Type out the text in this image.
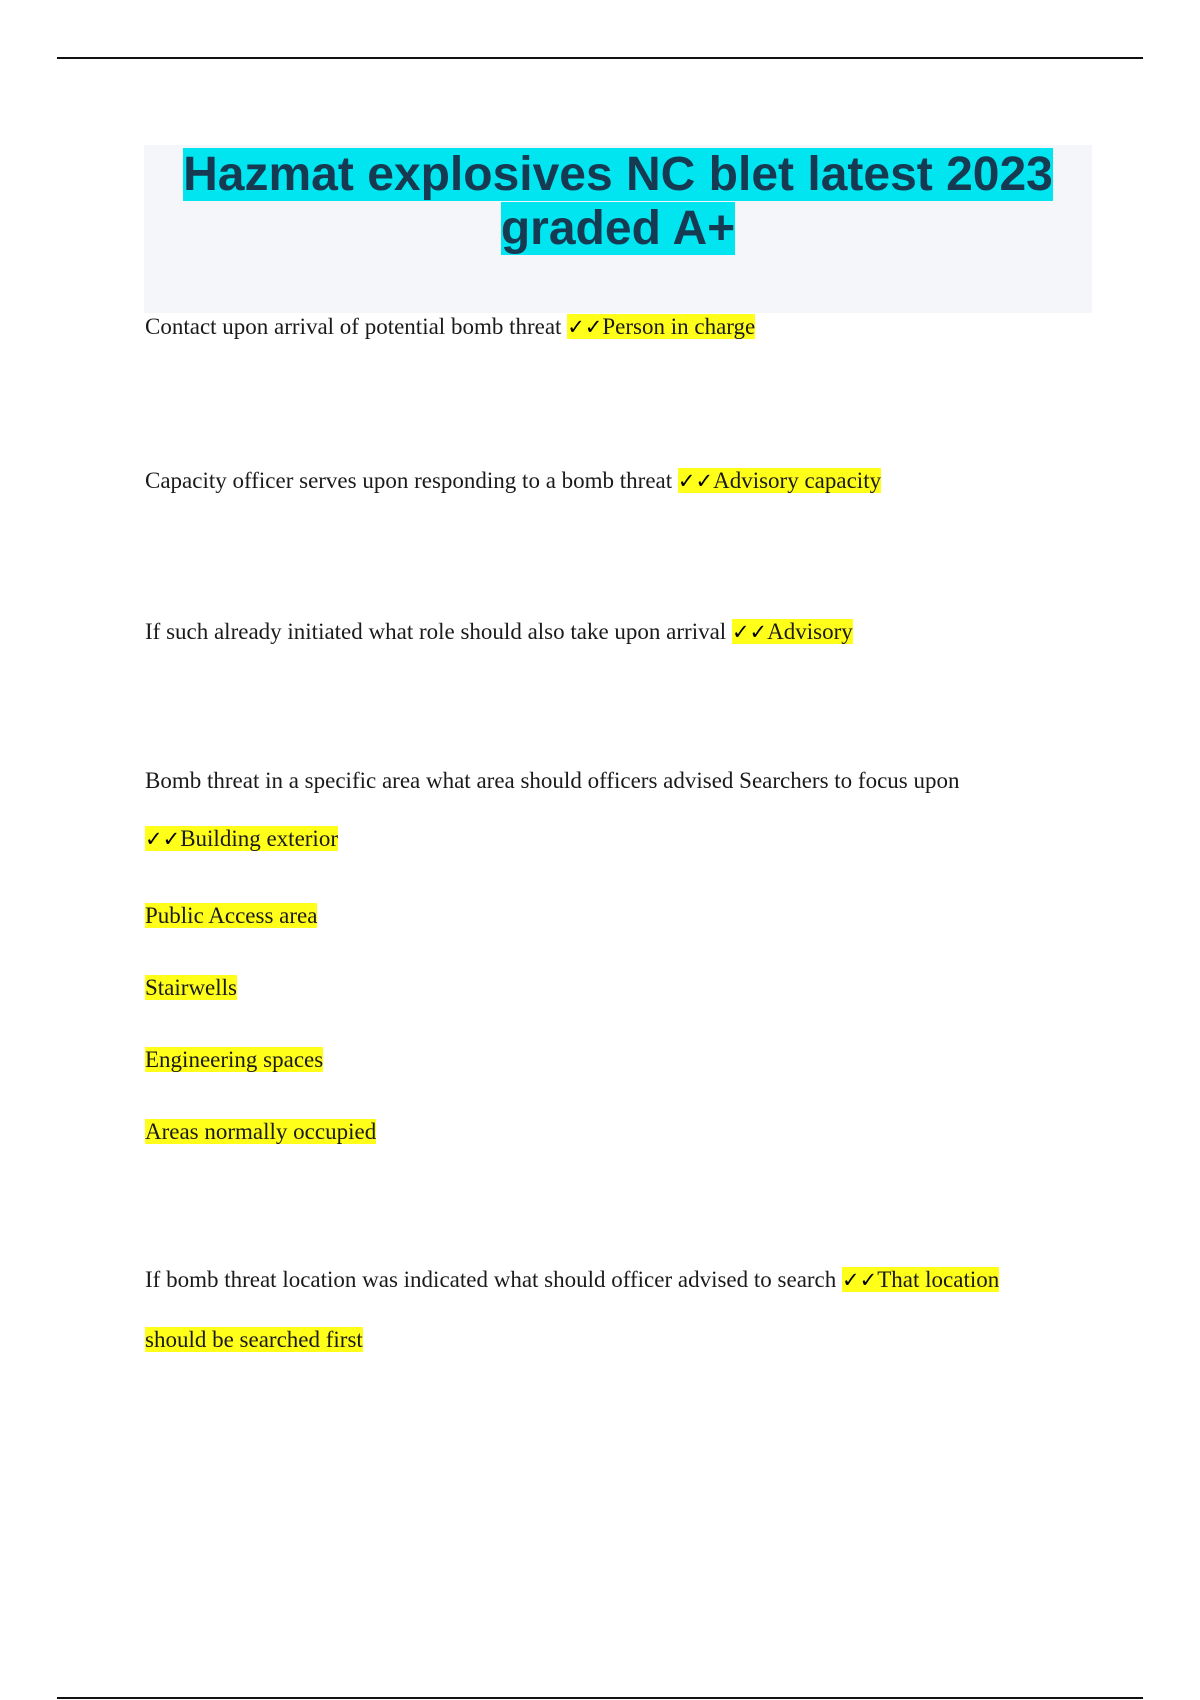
Hazmat explosives NC blet latest 2023 graded A+
Contact upon arrival of potential bomb threat ✓✓Person in charge
Capacity officer serves upon responding to a bomb threat ✓✓Advisory capacity
If such already initiated what role should also take upon arrival ✓✓Advisory
Bomb threat in a specific area what area should officers advised Searchers to focus upon
✓✓Building exterior
Public Access area
Stairwells
Engineering spaces
Areas normally occupied
If bomb threat location was indicated what should officer advised to search ✓✓That location
should be searched first
